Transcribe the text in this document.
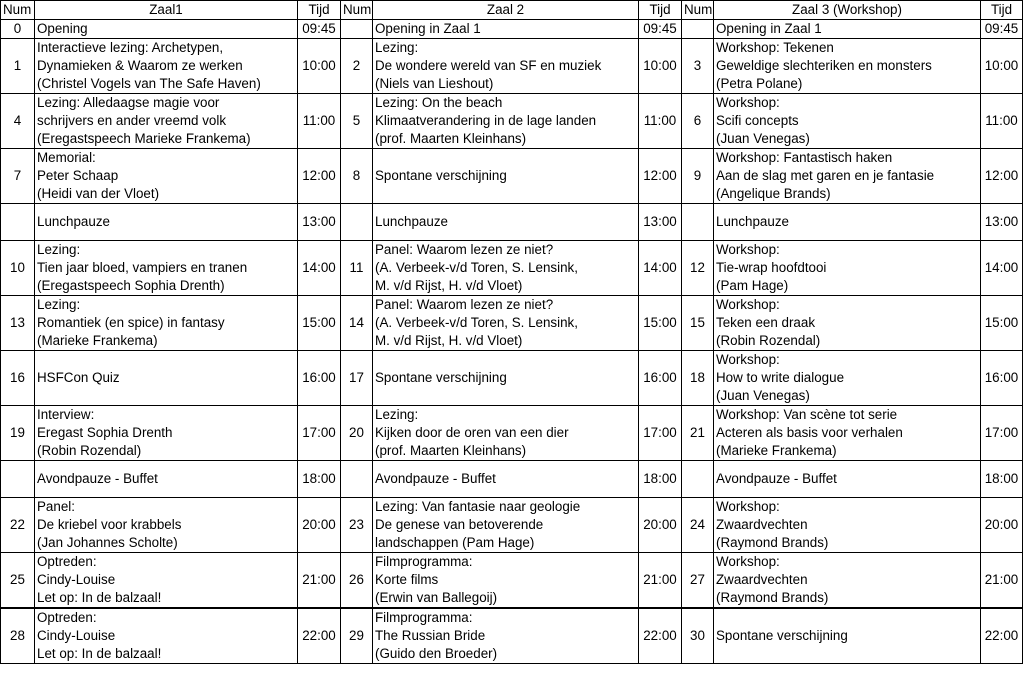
Num	Zaal1	Tijd	Num	Zaal 2	Tijd	Num	Zaal 3 (Workshop)	Tijd
0	Opening	09:45		Opening in Zaal 1	09:45		Opening in Zaal 1	09:45
1	Interactieve lezing: Archetypen,
Dynamieken & Waarom ze werken
(Christel Vogels van The Safe Haven)	10:00	2	Lezing:
De wondere wereld van SF en muziek
(Niels van Lieshout)	10:00	3	Workshop: Tekenen
Geweldige slechteriken en monsters
(Petra Polane)	10:00
4	Lezing: Alledaagse magie voor
schrijvers en ander vreemd volk
(Eregastspeech Marieke Frankema)	11:00	5	Lezing: On the beach
Klimaatverandering in de lage landen
(prof. Maarten Kleinhans)	11:00	6	Workshop:
Scifi concepts
(Juan Venegas)	11:00
7	Memorial:
Peter Schaap
(Heidi van der Vloet)	12:00	8	Spontane verschijning	12:00	9	Workshop: Fantastisch haken
Aan de slag met garen en je fantasie
(Angelique Brands)	12:00

	Lunchpauze	13:00		Lunchpauze	13:00		Lunchpauze	13:00
10	Lezing:
Tien jaar bloed, vampiers en tranen
(Eregastspeech Sophia Drenth)	14:00	11	Panel: Waarom lezen ze niet?
(A. Verbeek-v/d Toren, S. Lensink,
M. v/d Rijst, H. v/d Vloet)	14:00	12	Workshop:
Tie-wrap hoofdtooi
(Pam Hage)	14:00
13	Lezing:
Romantiek (en spice) in fantasy
(Marieke Frankema)	15:00	14	Panel: Waarom lezen ze niet?
(A. Verbeek-v/d Toren, S. Lensink,
M. v/d Rijst, H. v/d Vloet)	15:00	15	Workshop:
Teken een draak
(Robin Rozendal)	15:00
16	HSFCon Quiz	16:00	17	Spontane verschijning	16:00	18	Workshop:
How to write dialogue
(Juan Venegas)	16:00
19	Interview:
Eregast Sophia Drenth
(Robin Rozendal)	17:00	20	Lezing:
Kijken door de oren van een dier
(prof. Maarten Kleinhans)	17:00	21	Workshop: Van scène tot serie
Acteren als basis voor verhalen
(Marieke Frankema)	17:00

	Avondpauze - Buffet	18:00		Avondpauze - Buffet	18:00		Avondpauze - Buffet	18:00
22	Panel:
De kriebel voor krabbels
(Jan Johannes Scholte)	20:00	23	Lezing: Van fantasie naar geologie
De genese van betoverende
landschappen (Pam Hage)	20:00	24	Workshop:
Zwaardvechten
(Raymond Brands)	20:00
25	Optreden:
Cindy-Louise
Let op: In de balzaal!	21:00	26	Filmprogramma:
Korte films
(Erwin van Ballegoij)	21:00	27	Workshop:
Zwaardvechten
(Raymond Brands)	21:00
28	Optreden:
Cindy-Louise
Let op: In de balzaal!	22:00	29	Filmprogramma:
The Russian Bride
(Guido den Broeder)	22:00	30	Spontane verschijning	22:00
